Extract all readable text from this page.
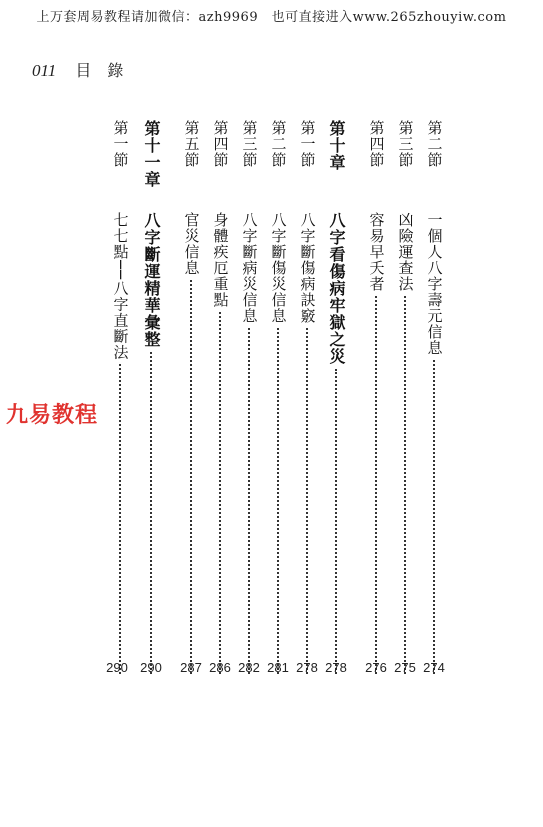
上万套周易教程请加微信：azh9969　也可直接进入www.265zhouyiw.com
011 目　錄
九易教程
第二節
一個人八字壽元信息
274
第三節
凶險運查法
275
第四節
容易早夭者
276
第十章
八字看傷病牢獄之災
278
第一節
八字斷傷病訣竅
278
第二節
八字斷傷災信息
281
第三節
八字斷病災信息
282
第四節
身體疾厄重點
286
第五節
官災信息
287
第十一章
八字斷運精華彙整
290
第一節
七七點──八字直斷法
290
